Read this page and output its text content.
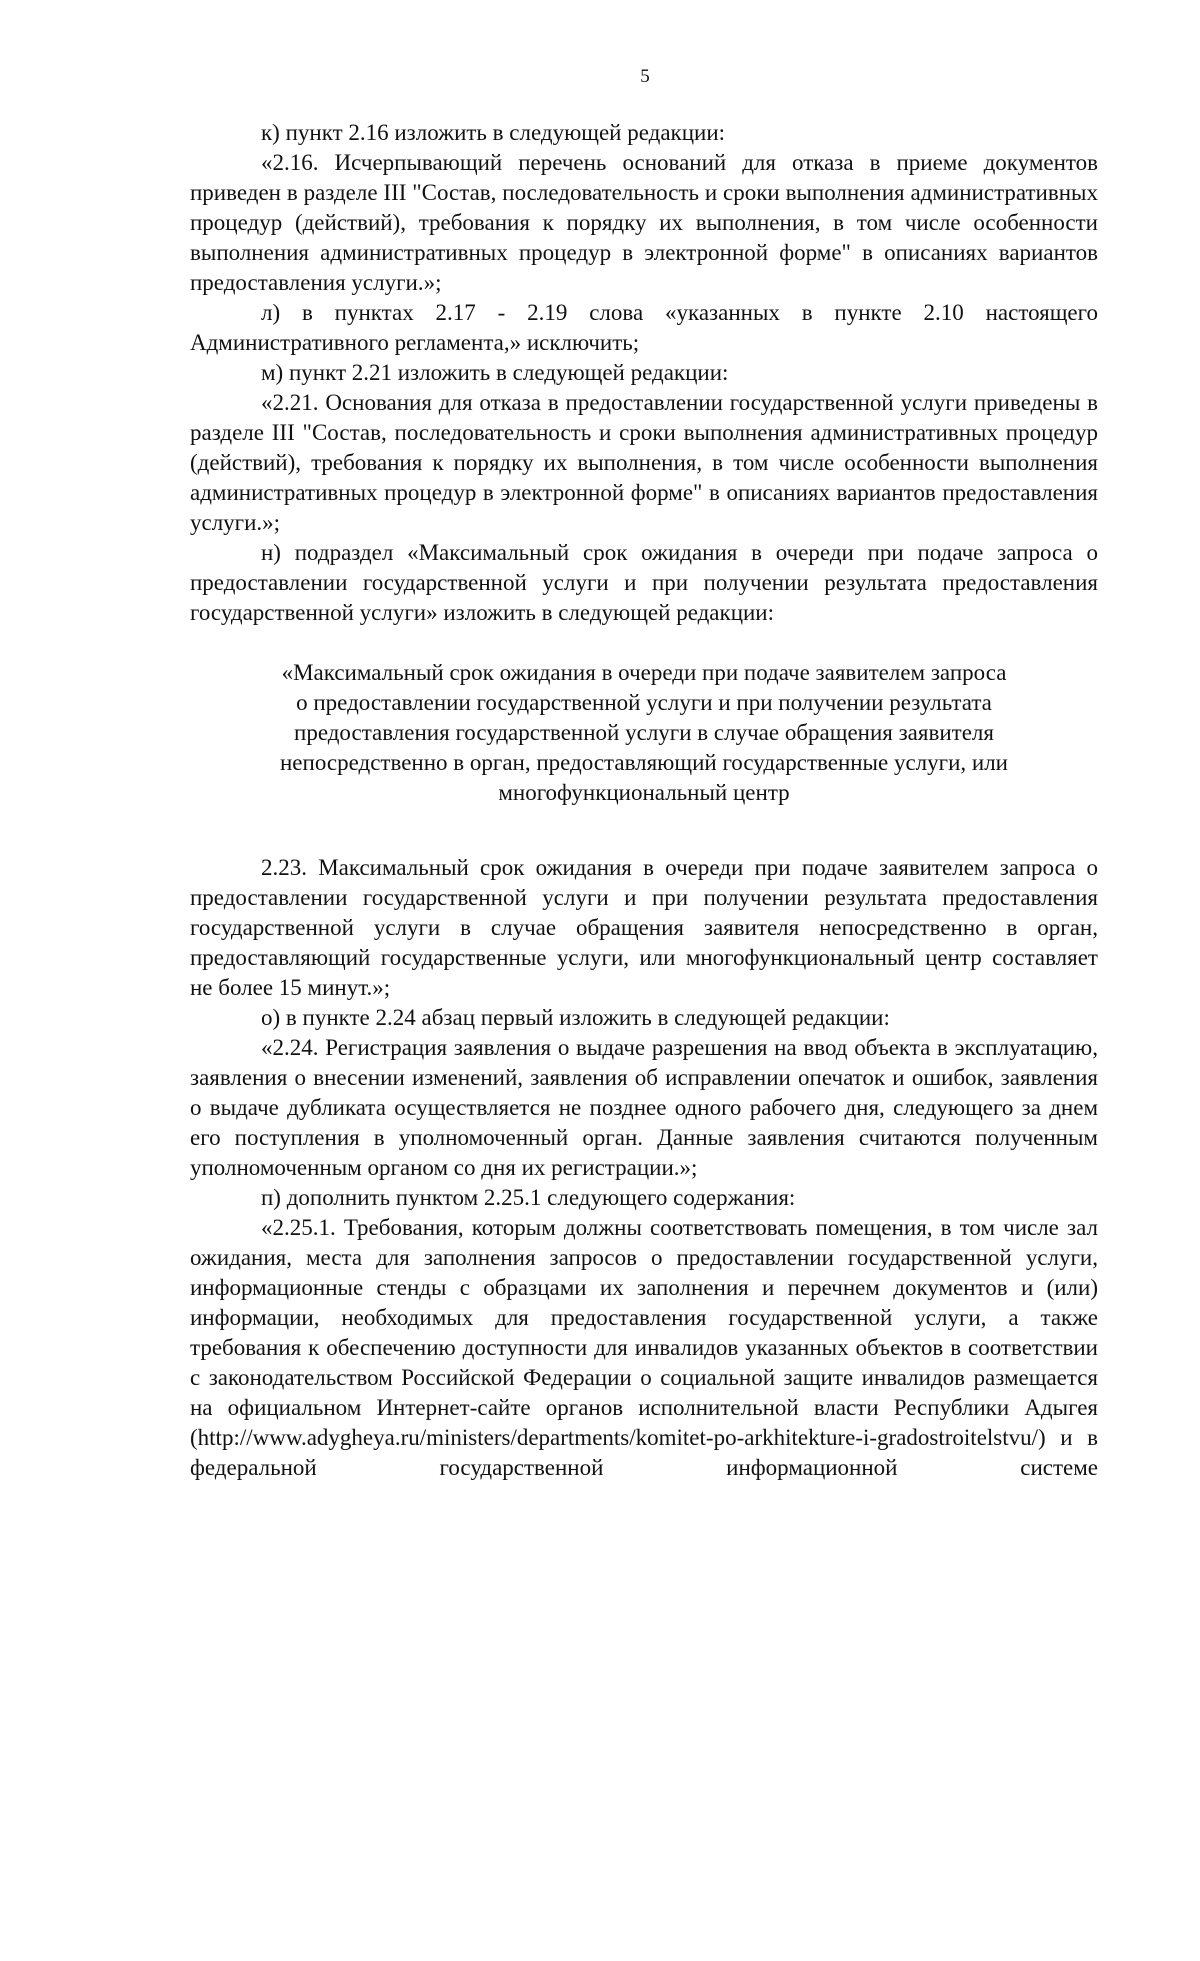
5

к) пункт 2.16 изложить в следующей редакции:

«2.16. Исчерпывающий перечень оснований для отказа в приеме документов приведен в разделе III "Состав, последовательность и сроки выполнения административных процедур (действий), требования к порядку их выполнения, в том числе особенности выполнения административных процедур в электронной форме" в описаниях вариантов предоставления услуги.»;

л) в пунктах 2.17 - 2.19 слова «указанных в пункте 2.10 настоящего Административного регламента,» исключить;

м) пункт 2.21 изложить в следующей редакции:

«2.21. Основания для отказа в предоставлении государственной услуги приведены в разделе III "Состав, последовательность и сроки выполнения административных процедур (действий), требования к порядку их выполнения, в том числе особенности выполнения административных процедур в электронной форме" в описаниях вариантов предоставления услуги.»;

н) подраздел «Максимальный срок ожидания в очереди при подаче запроса о предоставлении государственной услуги и при получении результата предоставления государственной услуги» изложить в следующей редакции:

«Максимальный срок ожидания в очереди при подаче заявителем запроса
о предоставлении государственной услуги и при получении результата
предоставления государственной услуги в случае обращения заявителя
непосредственно в орган, предоставляющий государственные услуги, или
многофункциональный центр

2.23. Максимальный срок ожидания в очереди при подаче заявителем запроса о предоставлении государственной услуги и при получении результата предоставления государственной услуги в случае обращения заявителя непосредственно в орган, предоставляющий государственные услуги, или многофункциональный центр составляет не более 15 минут.»;

о) в пункте 2.24 абзац первый изложить в следующей редакции:

«2.24. Регистрация заявления о выдаче разрешения на ввод объекта в эксплуатацию, заявления о внесении изменений, заявления об исправлении опечаток и ошибок, заявления о выдаче дубликата осуществляется не позднее одного рабочего дня, следующего за днем его поступления в уполномоченный орган. Данные заявления считаются полученным уполномоченным органом со дня их регистрации.»;

п) дополнить пунктом 2.25.1 следующего содержания:

«2.25.1. Требования, которым должны соответствовать помещения, в том числе зал ожидания, места для заполнения запросов о предоставлении государственной услуги, информационные стенды с образцами их заполнения и перечнем документов и (или) информации, необходимых для предоставления государственной услуги, а также требования к обеспечению доступности для инвалидов указанных объектов в соответствии с законодательством Российской Федерации о социальной защите инвалидов размещается на официальном Интернет-сайте органов исполнительной власти Республики Адыгея (http://www.adygheya.ru/ministers/departments/komitet-po-arkhitekture-i-gradostroitelstvu/) и в федеральной государственной информационной системе
